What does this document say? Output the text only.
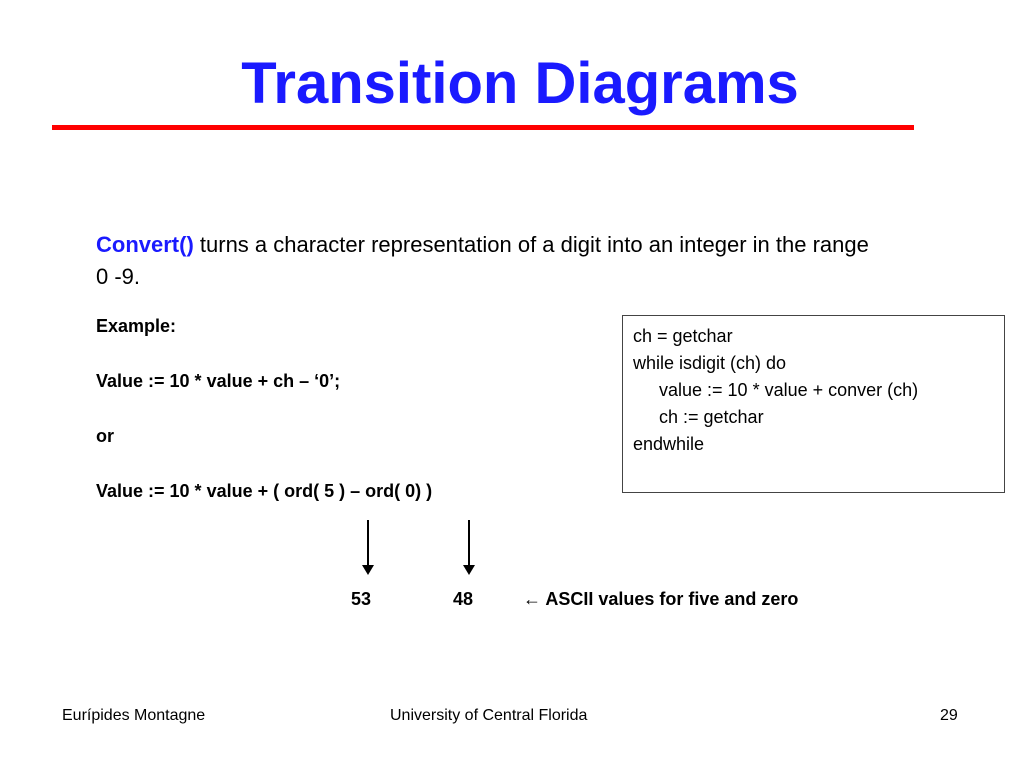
Transition Diagrams
Convert() turns a character representation of a digit into an integer in the range 0 -9.
Example:
Value := 10 * value + ch – ‘0’;
or
Value := 10 * value + ( ord( 5 ) – ord( 0) )
ch = getchar
while isdigit (ch) do
value := 10 * value + conver (ch)
ch := getchar
endwhile
53	48	← ASCII values for five and zero
Eurípides Montagne	University of Central Florida	29
